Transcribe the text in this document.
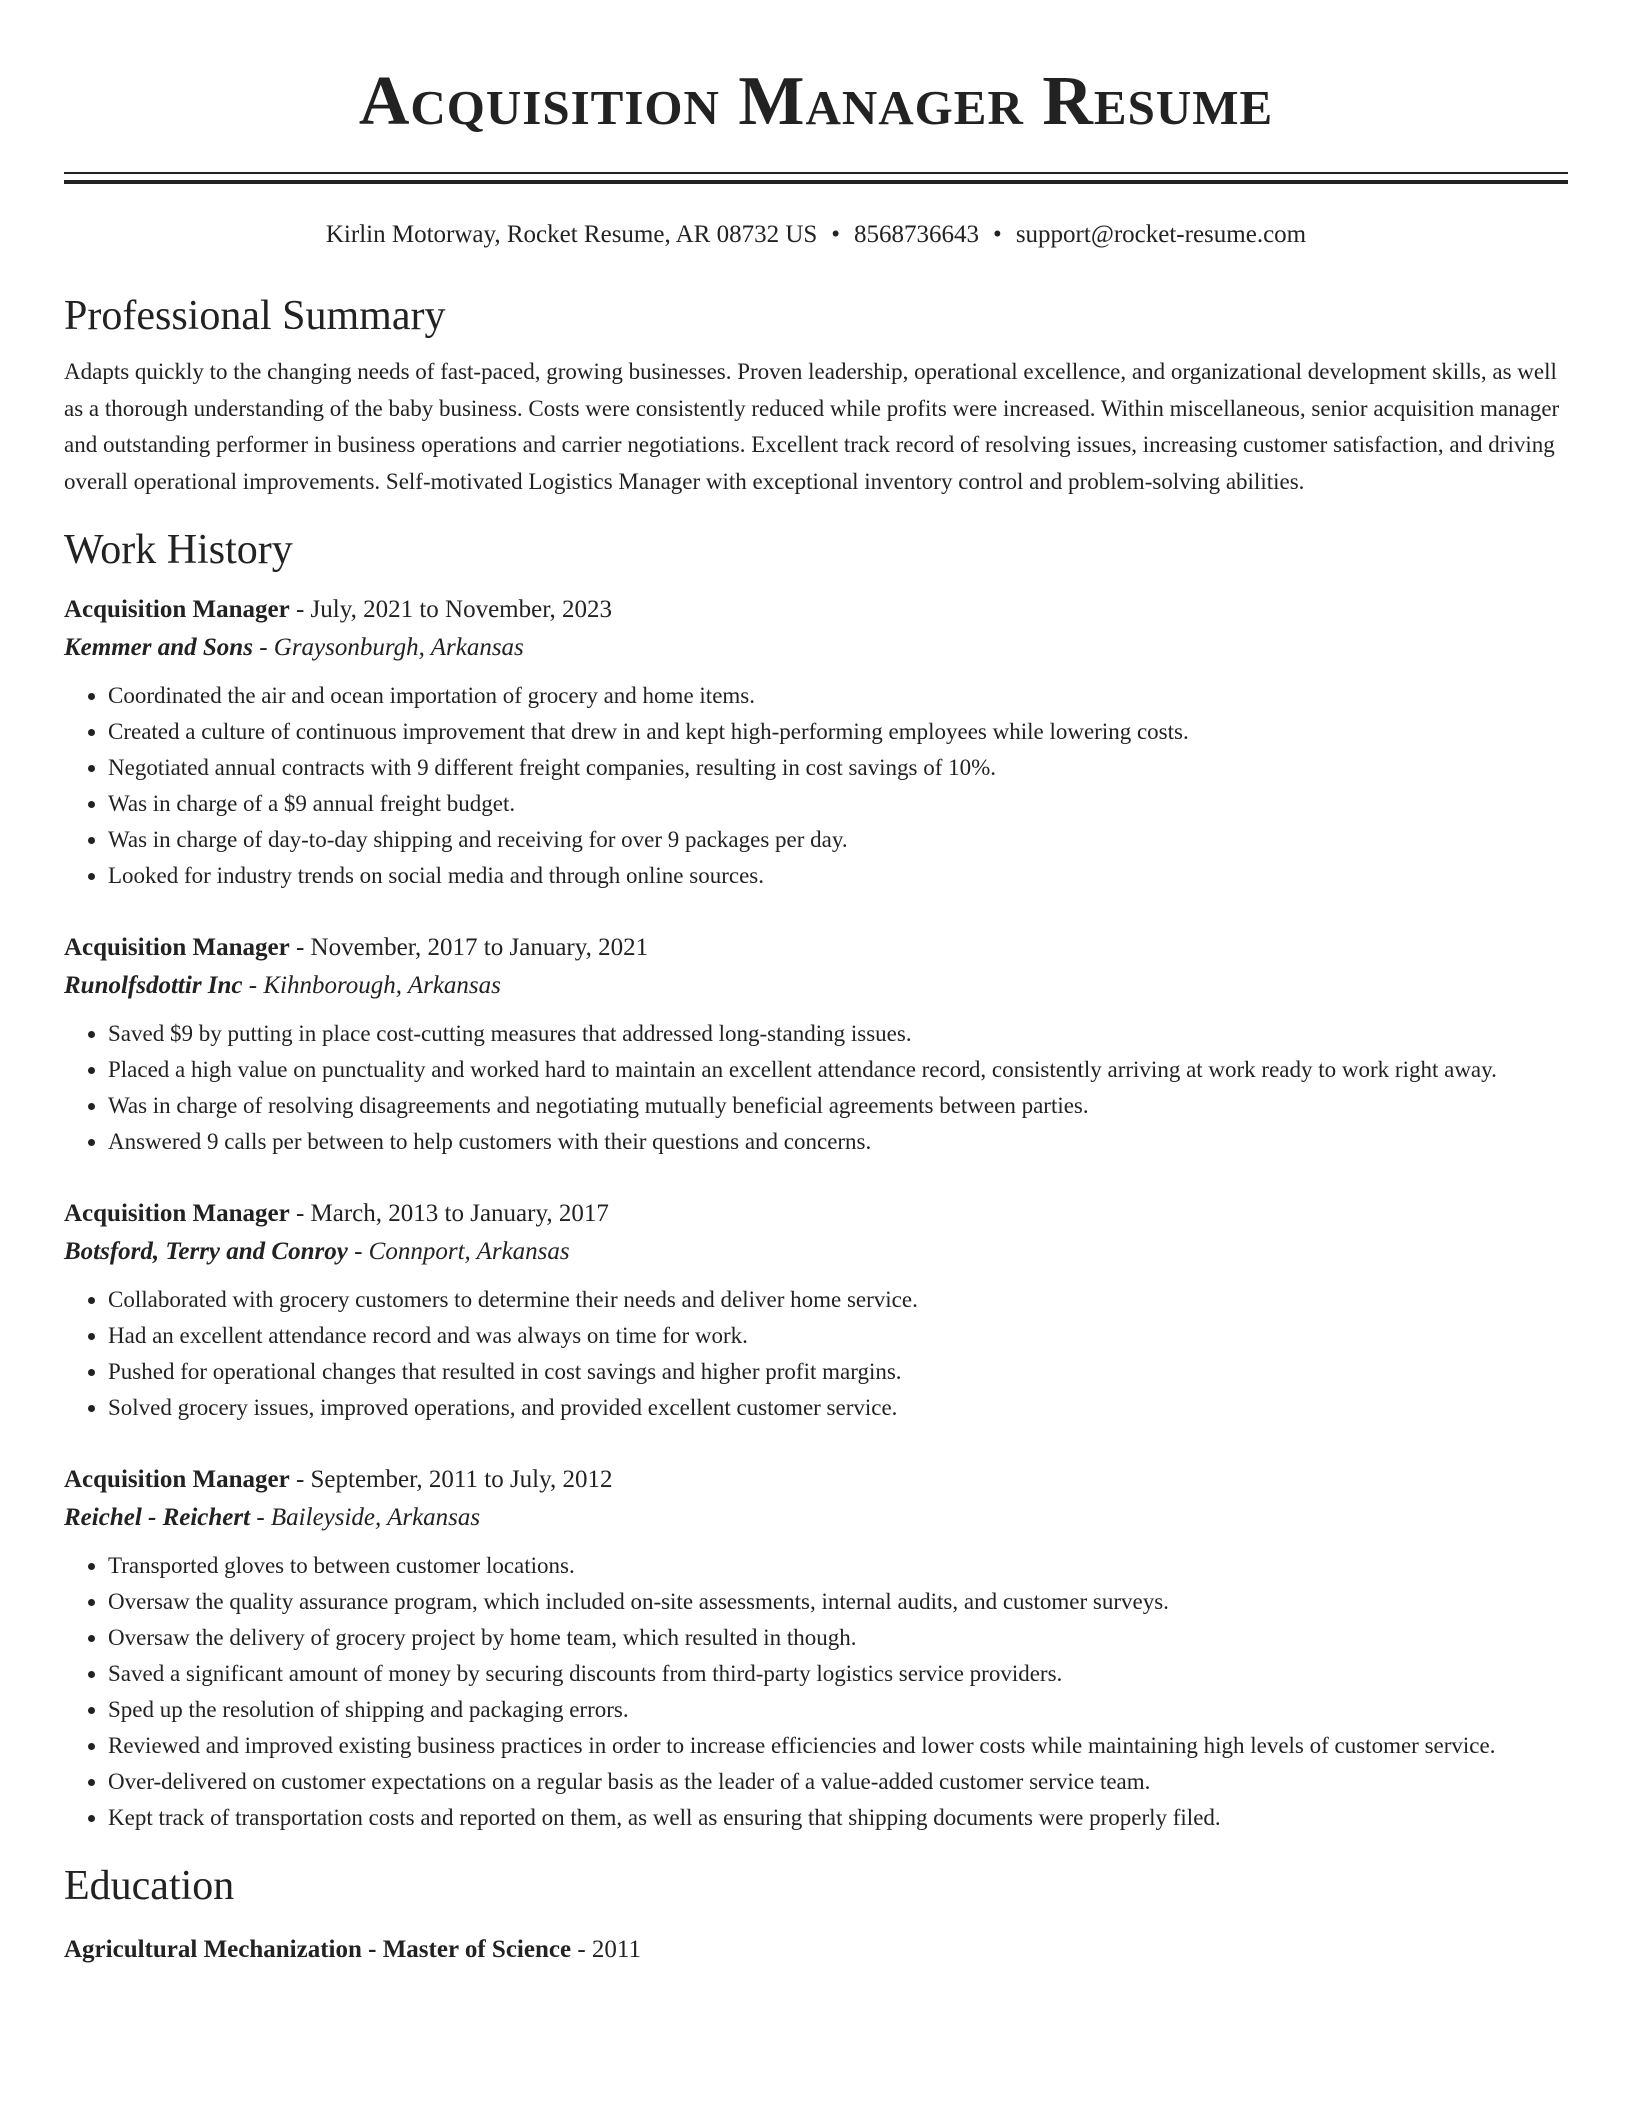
Acquisition Manager Resume
Kirlin Motorway, Rocket Resume, AR 08732 US • 8568736643 • support@rocket-resume.com
Professional Summary

Adapts quickly to the changing needs of fast-paced, growing businesses. Proven leadership, operational excellence, and organizational development skills, as well as a thorough understanding of the baby business. Costs were consistently reduced while profits were increased. Within miscellaneous, senior acquisition manager and outstanding performer in business operations and carrier negotiations. Excellent track record of resolving issues, increasing customer satisfaction, and driving overall operational improvements. Self-motivated Logistics Manager with exceptional inventory control and problem-solving abilities.

Work History
Acquisition Manager - July, 2021 to November, 2023
Kemmer and Sons - Graysonburgh, Arkansas
• Coordinated the air and ocean importation of grocery and home items.
• Created a culture of continuous improvement that drew in and kept high-performing employees while lowering costs.
• Negotiated annual contracts with 9 different freight companies, resulting in cost savings of 10%.
• Was in charge of a $9 annual freight budget.
• Was in charge of day-to-day shipping and receiving for over 9 packages per day.
• Looked for industry trends on social media and through online sources.
Acquisition Manager - November, 2017 to January, 2021
Runolfsdottir Inc - Kihnborough, Arkansas
• Saved $9 by putting in place cost-cutting measures that addressed long-standing issues.
• Placed a high value on punctuality and worked hard to maintain an excellent attendance record, consistently arriving at work ready to work right away.
• Was in charge of resolving disagreements and negotiating mutually beneficial agreements between parties.
• Answered 9 calls per between to help customers with their questions and concerns.
Acquisition Manager - March, 2013 to January, 2017
Botsford, Terry and Conroy - Connport, Arkansas
• Collaborated with grocery customers to determine their needs and deliver home service.
• Had an excellent attendance record and was always on time for work.
• Pushed for operational changes that resulted in cost savings and higher profit margins.
• Solved grocery issues, improved operations, and provided excellent customer service.
Acquisition Manager - September, 2011 to July, 2012
Reichel - Reichert - Baileyside, Arkansas
• Transported gloves to between customer locations.
• Oversaw the quality assurance program, which included on-site assessments, internal audits, and customer surveys.
• Oversaw the delivery of grocery project by home team, which resulted in though.
• Saved a significant amount of money by securing discounts from third-party logistics service providers.
• Sped up the resolution of shipping and packaging errors.
• Reviewed and improved existing business practices in order to increase efficiencies and lower costs while maintaining high levels of customer service.
• Over-delivered on customer expectations on a regular basis as the leader of a value-added customer service team.
• Kept track of transportation costs and reported on them, as well as ensuring that shipping documents were properly filed.
Education
Agricultural Mechanization - Master of Science - 2011
